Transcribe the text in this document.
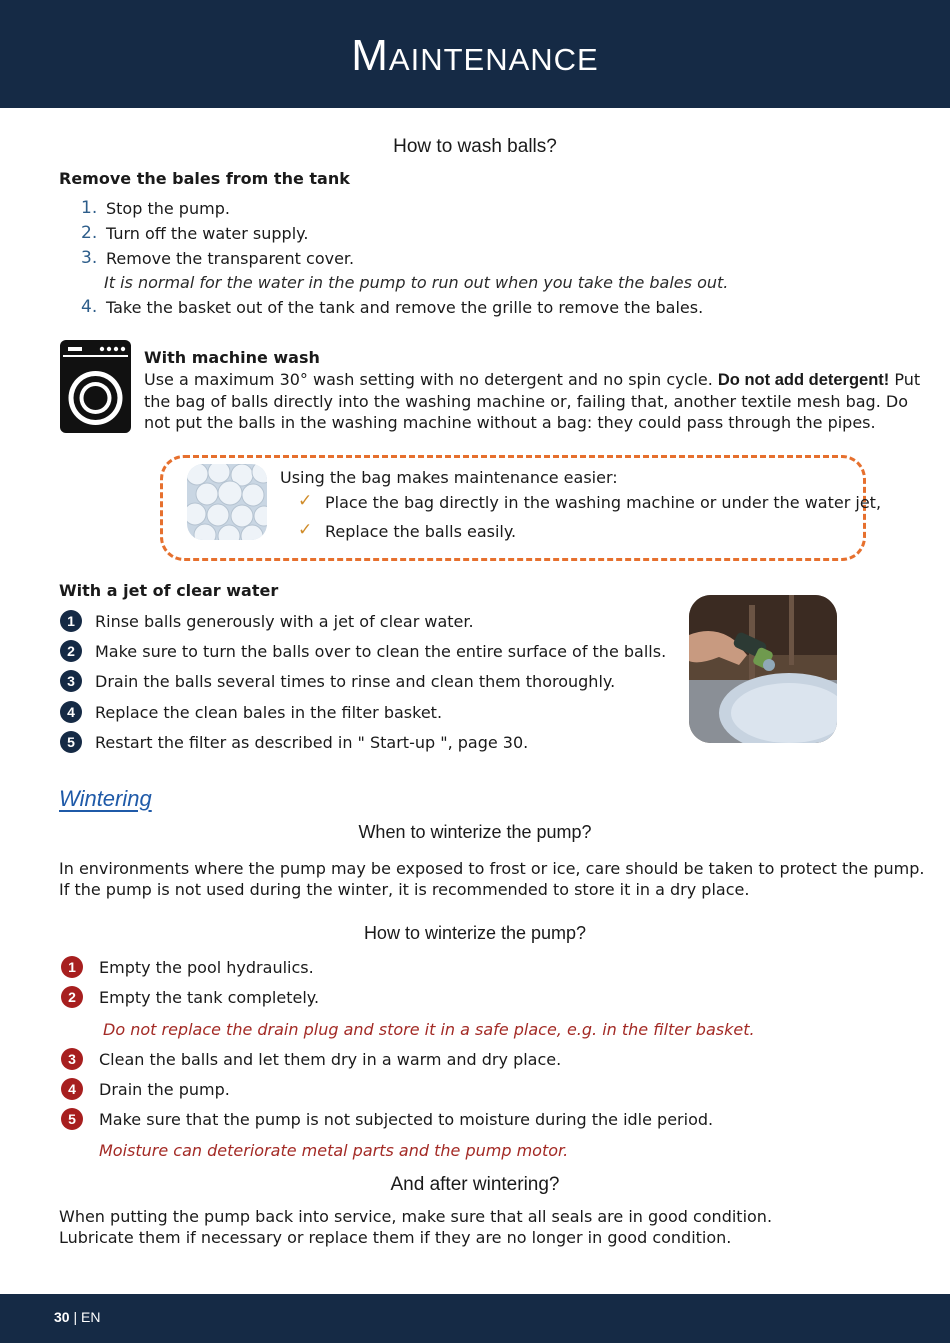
Maintenance
How to wash balls?
Remove the bales from the tank
1. Stop the pump.
2. Turn off the water supply.
3. Remove the transparent cover.
It is normal for the water in the pump to run out when you take the bales out.
4. Take the basket out of the tank and remove the grille to remove the bales.
With machine wash
Use a maximum 30° wash setting with no detergent and no spin cycle. Do not add detergent! Put
the bag of balls directly into the washing machine or, failing that, another textile mesh bag. Do
not put the balls in the washing machine without a bag: they could pass through the pipes.
Using the bag makes maintenance easier:
✓ Place the bag directly in the washing machine or under the water jet,
✓ Replace the balls easily.
With a jet of clear water
1	Rinse balls generously with a jet of clear water.
2	Make sure to turn the balls over to clean the entire surface of the balls.
3	Drain the balls several times to rinse and clean them thoroughly.
4	Replace the clean bales in the filter basket.
5	Restart the filter as described in " Start-up ", page 30.
Wintering
When to winterize the pump?
In environments where the pump may be exposed to frost or ice, care should be taken to protect the pump.
If the pump is not used during the winter, it is recommended to store it in a dry place.
How to winterize the pump?
1	Empty the pool hydraulics.
2	Empty the tank completely.
Do not replace the drain plug and store it in a safe place, e.g. in the filter basket.
3	Clean the balls and let them dry in a warm and dry place.
4	Drain the pump.
5	Make sure that the pump is not subjected to moisture during the idle period.
Moisture can deteriorate metal parts and the pump motor.
And after wintering?
When putting the pump back into service, make sure that all seals are in good condition.
Lubricate them if necessary or replace them if they are no longer in good condition.
30 | EN
